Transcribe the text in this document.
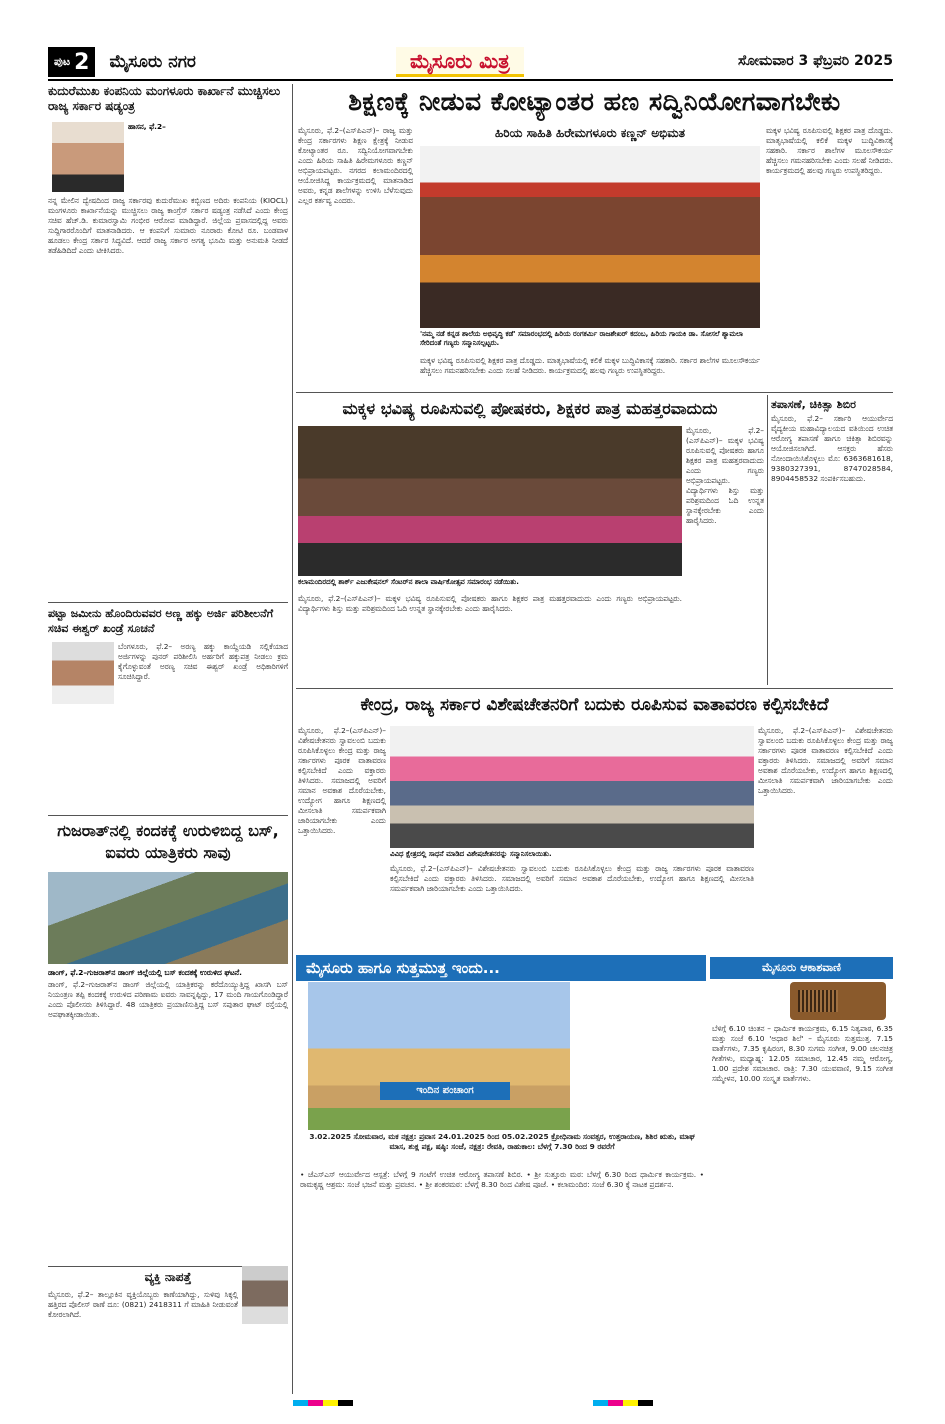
ಪುಟ 2 ಮೈಸೂರು ನಗರ	ಮೈಸೂರು ಮಿತ್ರ	ಸೋಮವಾರ 3 ಫೆಬ್ರವರಿ 2025
ಕುದುರೆಮುಖ ಕಂಪನಿಯ ಮಂಗಳೂರು ಕಾರ್ಖಾನೆ ಮುಚ್ಚಿಸಲು ರಾಜ್ಯ ಸರ್ಕಾರ ಷಡ್ಯಂತ್ರ
ಹಾಸನ, ಫೆ.2–

ನನ್ನ ಮೇಲಿನ ದ್ವೇಷದಿಂದ ರಾಜ್ಯ ಸರ್ಕಾರವು ಕುದುರೆಮುಖ ಕಬ್ಬಿಣದ ಅದಿರು ಕಂಪನಿಯ (KIOCL) ಮಂಗಳೂರು ಕಾರ್ಖಾನೆಯನ್ನು ಮುಚ್ಚಿಸಲು ರಾಜ್ಯ ಕಾಂಗ್ರೆಸ್ ಸರ್ಕಾರ ಷಡ್ಯಂತ್ರ ನಡೆಸಿದೆ ಎಂದು ಕೇಂದ್ರ ಸಚಿವ ಹೆಚ್.ಡಿ. ಕುಮಾರಸ್ವಾಮಿ ಗಂಭೀರ ಆರೋಪ ಮಾಡಿದ್ದಾರೆ. ಜಿಲ್ಲೆಯ ಪ್ರವಾಸದಲ್ಲಿದ್ದ ಅವರು ಸುದ್ದಿಗಾರರೊಂದಿಗೆ ಮಾತನಾಡಿದರು. ಆ ಕಂಪನಿಗೆ ಸುಮಾರು ನೂರಾರು ಕೋಟಿ ರೂ. ಬಂಡವಾಳ ಹೂಡಲು ಕೇಂದ್ರ ಸರ್ಕಾರ ಸಿದ್ಧವಿದೆ. ಆದರೆ ರಾಜ್ಯ ಸರ್ಕಾರ ಅಗತ್ಯ ಭೂಮಿ ಮತ್ತು ಅನುಮತಿ ನೀಡದೆ ತಡೆಹಿಡಿದಿದೆ ಎಂದು ಟೀಕಿಸಿದರು.

ಪಟ್ಟಾ ಜಮೀನು ಹೊಂದಿರುವವರ ಅಣ್ಣ ಹಕ್ಕು ಅರ್ಜಿ ಪರಿಶೀಲನೆಗೆ ಸಚಿವ ಈಶ್ವರ್ ಖಂಡ್ರೆ ಸೂಚನೆ

ಬೆಂಗಳೂರು, ಫೆ.2– ಅರಣ್ಯ ಹಕ್ಕು ಕಾಯ್ದೆಯಡಿ ಸಲ್ಲಿಕೆಯಾದ ಅರ್ಜಿಗಳನ್ನು ಪುನರ್ ಪರಿಶೀಲಿಸಿ ಅರ್ಹರಿಗೆ ಹಕ್ಕುಪತ್ರ ನೀಡಲು ಕ್ರಮ ಕೈಗೊಳ್ಳುವಂತೆ ಅರಣ್ಯ ಸಚಿವ ಈಶ್ವರ್ ಖಂಡ್ರೆ ಅಧಿಕಾರಿಗಳಿಗೆ ಸೂಚಿಸಿದ್ದಾರೆ.

ಗುಜರಾತ್‌ನಲ್ಲಿ ಕಂದಕಕ್ಕೆ ಉರುಳಿಬಿದ್ದ ಬಸ್, ಐವರು ಯಾತ್ರಿಕರು ಸಾವು

ಡಾಂಗ್, ಫೆ.2–ಗುಜರಾತ್‌ನ ಡಾಂಗ್ ಜಿಲ್ಲೆಯಲ್ಲಿ ಬಸ್ ಕಂದಕಕ್ಕೆ ಉರುಳಿದ ಘಟನೆ.

ಡಾಂಗ್, ಫೆ.2–ಗುಜರಾತ್‌ನ ಡಾಂಗ್ ಜಿಲ್ಲೆಯಲ್ಲಿ ಯಾತ್ರಿಕರನ್ನು ಕರೆದೊಯ್ಯುತ್ತಿದ್ದ ಖಾಸಗಿ ಬಸ್ ನಿಯಂತ್ರಣ ತಪ್ಪಿ ಕಂದಕಕ್ಕೆ ಉರುಳಿದ ಪರಿಣಾಮ ಐವರು ಸಾವನ್ನಪ್ಪಿದ್ದು, 17 ಮಂದಿ ಗಾಯಗೊಂಡಿದ್ದಾರೆ ಎಂದು ಪೊಲೀಸರು ತಿಳಿಸಿದ್ದಾರೆ. 48 ಯಾತ್ರಿಕರು ಪ್ರಯಾಣಿಸುತ್ತಿದ್ದ ಬಸ್ ಸಪುತಾರ ಘಾಟ್ ರಸ್ತೆಯಲ್ಲಿ ಅಪಘಾತಕ್ಕೀಡಾಯಿತು.

ವ್ಯಕ್ತಿ ನಾಪತ್ತೆ

ಮೈಸೂರು, ಫೆ.2– ತಾಲ್ಲೂಕಿನ ವ್ಯಕ್ತಿಯೊಬ್ಬರು ಕಾಣೆಯಾಗಿದ್ದು, ಸುಳಿವು ಸಿಕ್ಕಲ್ಲಿ ಹತ್ತಿರದ ಪೊಲೀಸ್ ಠಾಣೆ ದೂ: (0821) 2418311 ಗೆ ಮಾಹಿತಿ ನೀಡುವಂತೆ ಕೋರಲಾಗಿದೆ.

ಶಿಕ್ಷಣಕ್ಕೆ ನೀಡುವ ಕೋಟ್ಯಾಂತರ ಹಣ ಸದ್ವಿನಿಯೋಗವಾಗಬೇಕು
ಹಿರಿಯ ಸಾಹಿತಿ ಹಿರೇಮಗಳೂರು ಕಣ್ಣನ್ ಅಭಿಮತ

ಮೈಸೂರು, ಫೆ.2–(ಎಸ್‌ಪಿಎನ್)– ರಾಜ್ಯ ಮತ್ತು ಕೇಂದ್ರ ಸರ್ಕಾರಗಳು ಶಿಕ್ಷಣ ಕ್ಷೇತ್ರಕ್ಕೆ ನೀಡುವ ಕೋಟ್ಯಾಂತರ ರೂ. ಸದ್ವಿನಿಯೋಗವಾಗಬೇಕು ಎಂದು ಹಿರಿಯ ಸಾಹಿತಿ ಹಿರೇಮಗಳೂರು ಕಣ್ಣನ್ ಅಭಿಪ್ರಾಯಪಟ್ಟರು. ನಗರದ ಕಲಾಮಂದಿರದಲ್ಲಿ ಆಯೋಜಿಸಿದ್ದ ಕಾರ್ಯಕ್ರಮದಲ್ಲಿ ಮಾತನಾಡಿದ ಅವರು, ಕನ್ನಡ ಶಾಲೆಗಳನ್ನು ಉಳಿಸಿ ಬೆಳೆಸುವುದು ಎಲ್ಲರ ಕರ್ತವ್ಯ ಎಂದರು.

'ನಮ್ಮ ನಡೆ ಕನ್ನಡ ಶಾಲೆಯ ಅಭಿವೃದ್ಧಿ ಕಡೆ' ಸಮಾರಂಭದಲ್ಲಿ ಹಿರಿಯ ರಂಗಕರ್ಮಿ ರಾಜಶೇಖರ್ ಕದಂಬ, ಹಿರಿಯ ಗಾಯಕಿ ಡಾ. ಸೋಸಲೆ ಶ್ಯಾಮಲಾ ಸೇರಿದಂತೆ ಗಣ್ಯರು ಸನ್ಮಾನಿಸಲ್ಪಟ್ಟರು.

ಮಕ್ಕಳ ಭವಿಷ್ಯ ರೂಪಿಸುವಲ್ಲಿ ಶಿಕ್ಷಕರ ಪಾತ್ರ ದೊಡ್ಡದು. ಮಾತೃಭಾಷೆಯಲ್ಲಿ ಕಲಿಕೆ ಮಕ್ಕಳ ಬುದ್ಧಿವಿಕಾಸಕ್ಕೆ ಸಹಕಾರಿ. ಸರ್ಕಾರ ಶಾಲೆಗಳ ಮೂಲಸೌಕರ್ಯ ಹೆಚ್ಚಿಸಲು ಗಮನಹರಿಸಬೇಕು ಎಂದು ಸಲಹೆ ನೀಡಿದರು. ಕಾರ್ಯಕ್ರಮದಲ್ಲಿ ಹಲವು ಗಣ್ಯರು ಉಪಸ್ಥಿತರಿದ್ದರು.

ಮಕ್ಕಳ ಭವಿಷ್ಯ ರೂಪಿಸುವಲ್ಲಿ ಶಿಕ್ಷಕರ ಪಾತ್ರ ದೊಡ್ಡದು. ಮಾತೃಭಾಷೆಯಲ್ಲಿ ಕಲಿಕೆ ಮಕ್ಕಳ ಬುದ್ಧಿವಿಕಾಸಕ್ಕೆ ಸಹಕಾರಿ. ಸರ್ಕಾರ ಶಾಲೆಗಳ ಮೂಲಸೌಕರ್ಯ ಹೆಚ್ಚಿಸಲು ಗಮನಹರಿಸಬೇಕು ಎಂದು ಸಲಹೆ ನೀಡಿದರು. ಕಾರ್ಯಕ್ರಮದಲ್ಲಿ ಹಲವು ಗಣ್ಯರು ಉಪಸ್ಥಿತರಿದ್ದರು.

ಮಕ್ಕಳ ಭವಿಷ್ಯ ರೂಪಿಸುವಲ್ಲಿ ಪೋಷಕರು, ಶಿಕ್ಷಕರ ಪಾತ್ರ ಮಹತ್ತರವಾದುದು
ಕಲಾಮಂದಿರದಲ್ಲಿ ಶಾರ್ಕ್ ಎಜುಕೇಷನಲ್ ಸೆಂಟರ್‌ನ ಶಾಲಾ ವಾರ್ಷಿಕೋತ್ಸವ ಸಮಾರಂಭ ನಡೆಯಿತು.

ಮೈಸೂರು, ಫೆ.2–(ಎಸ್‌ಪಿಎನ್)– ಮಕ್ಕಳ ಭವಿಷ್ಯ ರೂಪಿಸುವಲ್ಲಿ ಪೋಷಕರು ಹಾಗೂ ಶಿಕ್ಷಕರ ಪಾತ್ರ ಮಹತ್ತರವಾದುದು ಎಂದು ಗಣ್ಯರು ಅಭಿಪ್ರಾಯಪಟ್ಟರು. ವಿದ್ಯಾರ್ಥಿಗಳು ಶಿಸ್ತು ಮತ್ತು ಪರಿಶ್ರಮದಿಂದ ಓದಿ ಉನ್ನತ ಸ್ಥಾನಕ್ಕೇರಬೇಕು ಎಂದು ಹಾರೈಸಿದರು.

ಮೈಸೂರು, ಫೆ.2–(ಎಸ್‌ಪಿಎನ್)– ಮಕ್ಕಳ ಭವಿಷ್ಯ ರೂಪಿಸುವಲ್ಲಿ ಪೋಷಕರು ಹಾಗೂ ಶಿಕ್ಷಕರ ಪಾತ್ರ ಮಹತ್ತರವಾದುದು ಎಂದು ಗಣ್ಯರು ಅಭಿಪ್ರಾಯಪಟ್ಟರು. ವಿದ್ಯಾರ್ಥಿಗಳು ಶಿಸ್ತು ಮತ್ತು ಪರಿಶ್ರಮದಿಂದ ಓದಿ ಉನ್ನತ ಸ್ಥಾನಕ್ಕೇರಬೇಕು ಎಂದು ಹಾರೈಸಿದರು.

ತಪಾಸಣೆ, ಚಿಕಿತ್ಸಾ ಶಿಬಿರ

ಮೈಸೂರು, ಫೆ.2– ಸರ್ಕಾರಿ ಆಯುರ್ವೇದ ವೈದ್ಯಕೀಯ ಮಹಾವಿದ್ಯಾಲಯದ ವತಿಯಿಂದ ಉಚಿತ ಆರೋಗ್ಯ ತಪಾಸಣೆ ಹಾಗೂ ಚಿಕಿತ್ಸಾ ಶಿಬಿರವನ್ನು ಆಯೋಜಿಸಲಾಗಿದೆ. ಆಸಕ್ತರು ಹೆಸರು ನೋಂದಾಯಿಸಿಕೊಳ್ಳಲು ಮೊ: 6363681618, 9380327391, 8747028584, 8904458532 ಸಂಪರ್ಕಿಸಬಹುದು.

ಕೇಂದ್ರ, ರಾಜ್ಯ ಸರ್ಕಾರ ವಿಶೇಷಚೇತನರಿಗೆ ಬದುಕು ರೂಪಿಸುವ ವಾತಾವರಣ ಕಲ್ಪಿಸಬೇಕಿದೆ

ಮೈಸೂರು, ಫೆ.2–(ಎಸ್‌ಪಿಎನ್)– ವಿಶೇಷಚೇತನರು ಸ್ವಾವಲಂಬಿ ಬದುಕು ರೂಪಿಸಿಕೊಳ್ಳಲು ಕೇಂದ್ರ ಮತ್ತು ರಾಜ್ಯ ಸರ್ಕಾರಗಳು ಪೂರಕ ವಾತಾವರಣ ಕಲ್ಪಿಸಬೇಕಿದೆ ಎಂದು ವಕ್ತಾರರು ತಿಳಿಸಿದರು. ಸಮಾಜದಲ್ಲಿ ಅವರಿಗೆ ಸಮಾನ ಅವಕಾಶ ದೊರೆಯಬೇಕು, ಉದ್ಯೋಗ ಹಾಗೂ ಶಿಕ್ಷಣದಲ್ಲಿ ಮೀಸಲಾತಿ ಸಮರ್ಪಕವಾಗಿ ಜಾರಿಯಾಗಬೇಕು ಎಂದು ಒತ್ತಾಯಿಸಿದರು.

ವಿವಿಧ ಕ್ಷೇತ್ರದಲ್ಲಿ ಸಾಧನೆ ಮಾಡಿದ ವಿಶೇಷಚೇತನರನ್ನು ಸನ್ಮಾನಿಸಲಾಯಿತು.

ಮೈಸೂರು, ಫೆ.2–(ಎಸ್‌ಪಿಎನ್)– ವಿಶೇಷಚೇತನರು ಸ್ವಾವಲಂಬಿ ಬದುಕು ರೂಪಿಸಿಕೊಳ್ಳಲು ಕೇಂದ್ರ ಮತ್ತು ರಾಜ್ಯ ಸರ್ಕಾರಗಳು ಪೂರಕ ವಾತಾವರಣ ಕಲ್ಪಿಸಬೇಕಿದೆ ಎಂದು ವಕ್ತಾರರು ತಿಳಿಸಿದರು. ಸಮಾಜದಲ್ಲಿ ಅವರಿಗೆ ಸಮಾನ ಅವಕಾಶ ದೊರೆಯಬೇಕು, ಉದ್ಯೋಗ ಹಾಗೂ ಶಿಕ್ಷಣದಲ್ಲಿ ಮೀಸಲಾತಿ ಸಮರ್ಪಕವಾಗಿ ಜಾರಿಯಾಗಬೇಕು ಎಂದು ಒತ್ತಾಯಿಸಿದರು.

ಮೈಸೂರು, ಫೆ.2–(ಎಸ್‌ಪಿಎನ್)– ವಿಶೇಷಚೇತನರು ಸ್ವಾವಲಂಬಿ ಬದುಕು ರೂಪಿಸಿಕೊಳ್ಳಲು ಕೇಂದ್ರ ಮತ್ತು ರಾಜ್ಯ ಸರ್ಕಾರಗಳು ಪೂರಕ ವಾತಾವರಣ ಕಲ್ಪಿಸಬೇಕಿದೆ ಎಂದು ವಕ್ತಾರರು ತಿಳಿಸಿದರು. ಸಮಾಜದಲ್ಲಿ ಅವರಿಗೆ ಸಮಾನ ಅವಕಾಶ ದೊರೆಯಬೇಕು, ಉದ್ಯೋಗ ಹಾಗೂ ಶಿಕ್ಷಣದಲ್ಲಿ ಮೀಸಲಾತಿ ಸಮರ್ಪಕವಾಗಿ ಜಾರಿಯಾಗಬೇಕು ಎಂದು ಒತ್ತಾಯಿಸಿದರು.

ಮೈಸೂರು ಹಾಗೂ ಸುತ್ತಮುತ್ತ ಇಂದು...
ಇಂದಿನ ಪಂಚಾಂಗ

3.02.2025 ಸೋಮವಾರ, ಮಕ ನಕ್ಷತ್ರ: ಪ್ರವಾಸ 24.01.2025 ರಿಂದ 05.02.2025 ಕ್ರೋಧಿನಾಮ ಸಂವತ್ಸರ, ಉತ್ತರಾಯಣ, ಶಿಶಿರ ಋತು, ಮಾಘ ಮಾಸ, ಶುಕ್ಲ ಪಕ್ಷ, ಷಷ್ಠಿ: ಸಂಜೆ, ನಕ್ಷತ್ರ: ರೇವತಿ, ರಾಹುಕಾಲ: ಬೆಳಗ್ಗೆ 7.30 ರಿಂದ 9 ರವರೆಗೆ

• ಜೆಎಸ್‌ಎಸ್ ಆಯುರ್ವೇದ ಆಸ್ಪತ್ರೆ: ಬೆಳಗ್ಗೆ 9 ಗಂಟೆಗೆ ಉಚಿತ ಆರೋಗ್ಯ ತಪಾಸಣೆ ಶಿಬಿರ. • ಶ್ರೀ ಸುತ್ತೂರು ಮಠ: ಬೆಳಗ್ಗೆ 6.30 ರಿಂದ ಧಾರ್ಮಿಕ ಕಾರ್ಯಕ್ರಮ. • ರಾಮಕೃಷ್ಣ ಆಶ್ರಮ: ಸಂಜೆ ಭಜನೆ ಮತ್ತು ಪ್ರವಚನ. • ಶ್ರೀ ಶಂಕರಮಠ: ಬೆಳಗ್ಗೆ 8.30 ರಿಂದ ವಿಶೇಷ ಪೂಜೆ. • ಕಲಾಮಂದಿರ: ಸಂಜೆ 6.30 ಕ್ಕೆ ನಾಟಕ ಪ್ರದರ್ಶನ.

ಮೈಸೂರು ಆಕಾಶವಾಣಿ

ಬೆಳಿಗ್ಗೆ 6.10 ಚಿಂತನ – ಧಾರ್ಮಿಕ ಕಾರ್ಯಕ್ರಮ, 6.15 ನಿತ್ಯಪಾಠ, 6.35 ಮತ್ತು ಸಂಜೆ 6.10 'ಅಧಾರ ಶಿಲೆ' – ಮೈಸೂರು ಸುತ್ತಮುತ್ತ. 7.15 ವಾರ್ತೆಗಳು, 7.35 ಕೃಷಿರಂಗ, 8.30 ಸುಗಮ ಸಂಗೀತ, 9.00 ಚಲನಚಿತ್ರ ಗೀತೆಗಳು, ಮಧ್ಯಾಹ್ನ: 12.05 ಸಮಾಚಾರ, 12.45 ನಮ್ಮ ಆರೋಗ್ಯ, 1.00 ಪ್ರದೇಶ ಸಮಾಚಾರ. ರಾತ್ರಿ: 7.30 ಯುವವಾಣಿ, 9.15 ಸಂಗೀತ ಸಮ್ಮೇಳನ, 10.00 ಸಂಸ್ಕೃತ ವಾರ್ತೆಗಳು.
